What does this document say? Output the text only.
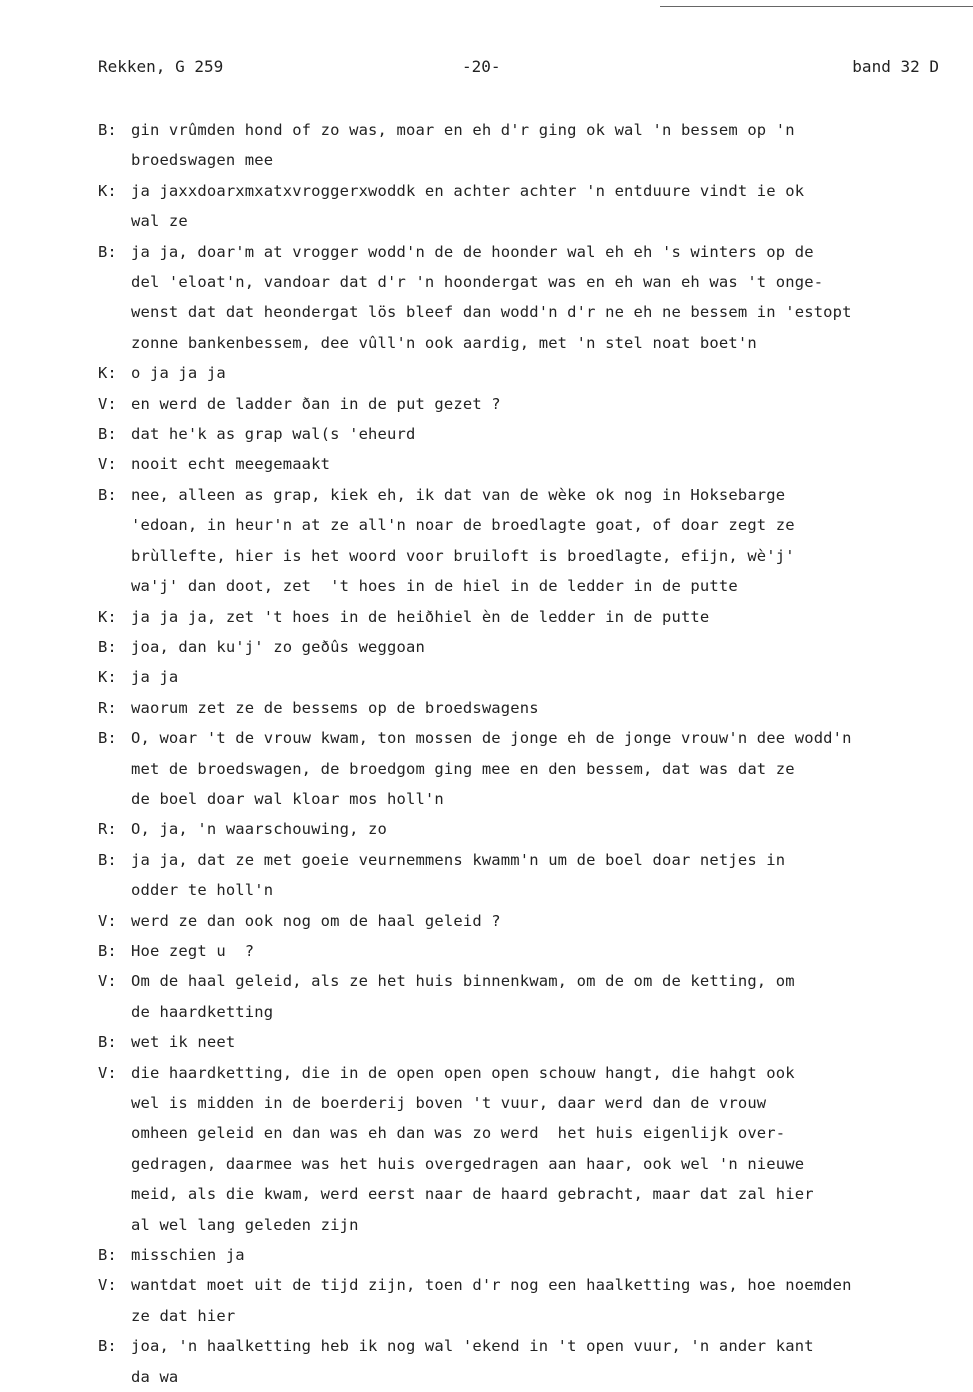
Rekken, G 259	-20-	band 32 D
B: gin vrûmden hond of zo was, moar en eh d'r ging ok wal 'n bessem op 'n
broedswagen mee
K: ja jaxxdoarxmxatxvroggerxwoddk en achter achter 'n entduure vindt ie ok
wal ze
B: ja ja, doar'm at vrogger wodd'n de de hoonder wal eh eh 's winters op de
del 'eloat'n, vandoar dat d'r 'n hoondergat was en eh wan eh was 't onge-
wenst dat dat heondergat lös bleef dan wodd'n d'r ne eh ne bessem in 'estopt
zonne bankenbessem, dee vûll'n ook aardig, met 'n stel noat boet'n
K: o ja ja ja
V: en werd de ladder ðan in de put gezet ?
B: dat he'k as grap wal(s 'eheurd
V: nooit echt meegemaakt
B: nee, alleen as grap, kiek eh, ik dat van de wèke ok nog in Hoksebarge
'edoan, in heur'n at ze all'n noar de broedlagte goat, of doar zegt ze
brùllefte, hier is het woord voor bruiloft is broedlagte, efijn, wè'j'
wa'j' dan doot, zet  't hoes in de hiel in de ledder in de putte
K: ja ja ja, zet 't hoes in de heiðhiel èn de ledder in de putte
B: joa, dan ku'j' zo geðûs weggoan
K: ja ja
R: waorum zet ze de bessems op de broedswagens
B: O, woar 't de vrouw kwam, ton mossen de jonge eh de jonge vrouw'n dee wodd'n
met de broedswagen, de broedgom ging mee en den bessem, dat was dat ze
de boel doar wal kloar mos holl'n
R: O, ja, 'n waarschouwing, zo
B: ja ja, dat ze met goeie veurnemmens kwamm'n um de boel doar netjes in
odder te holl'n
V: werd ze dan ook nog om de haal geleid ?
B: Hoe zegt u  ?
V: Om de haal geleid, als ze het huis binnenkwam, om de om de ketting, om
de haardketting
B: wet ik neet
V: die haardketting, die in de open open open schouw hangt, die hahgt ook
wel is midden in de boerderij boven 't vuur, daar werd dan de vrouw
omheen geleid en dan was eh dan was zo werd  het huis eigenlijk over-
gedragen, daarmee was het huis overgedragen aan haar, ook wel 'n nieuwe
meid, als die kwam, werd eerst naar de haard gebracht, maar dat zal hier
al wel lang geleden zijn
B: misschien ja
V: wantdat moet uit de tijd zijn, toen d'r nog een haalketting was, hoe noemden
ze dat hier
B: joa, 'n haalketting heb ik nog wal 'ekend in 't open vuur, 'n ander kant
da wa
